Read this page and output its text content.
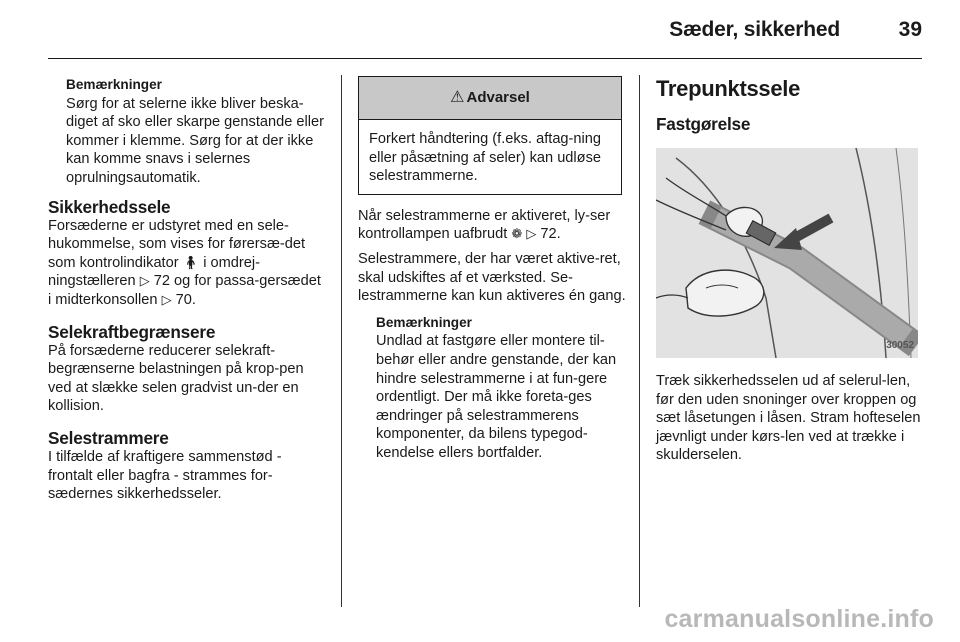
Sæder, sikkerhed	39
Bemærkninger

Sørg for at selerne ikke bliver beska-diget af sko eller skarpe genstande eller kommer i klemme. Sørg for at der ikke kan komme snavs i selernes oprulningsautomatik.

Sikkerhedssele

Forsæderne er udstyret med en sele-hukommelse, som vises for førersæ-det som kontrolindikator 🧍︎ i omdrej-ningstælleren ▷ 72 og for passa-gersædet i midterkonsollen ▷ 70.

Selekraftbegrænsere

På forsæderne reducerer selekraft-begrænserne belastningen på krop-pen ved at slække selen gradvist un-der en kollision.

Selestrammere

I tilfælde af kraftigere sammenstød - frontalt eller bagfra - strammes for-sædernes sikkerhedsseler.

⚠︎ Advarsel
Forkert håndtering (f.eks. aftag-ning eller påsætning af seler) kan udløse selestrammerne.

Når selestrammerne er aktiveret, ly-ser kontrollampen uafbrudt ❁ ▷ 72.

Selestrammere, der har været aktive-ret, skal udskiftes af et værksted. Se-lestrammerne kan kun aktiveres én gang.

Bemærkninger

Undlad at fastgøre eller montere til-behør eller andre genstande, der kan hindre selestrammerne i at fun-gere ordentligt. Der må ikke foreta-ges ændringer på selestrammerens komponenter, da bilens typegod-kendelse ellers bortfalder.

Trepunktssele
Fastgørelse
30052

Træk sikkerhedsselen ud af selerul-len, før den uden snoninger over kroppen og sæt låsetungen i låsen. Stram hofteselen jævnligt under kørs-len ved at trække i skulderselen.

carmanualsonline.info
